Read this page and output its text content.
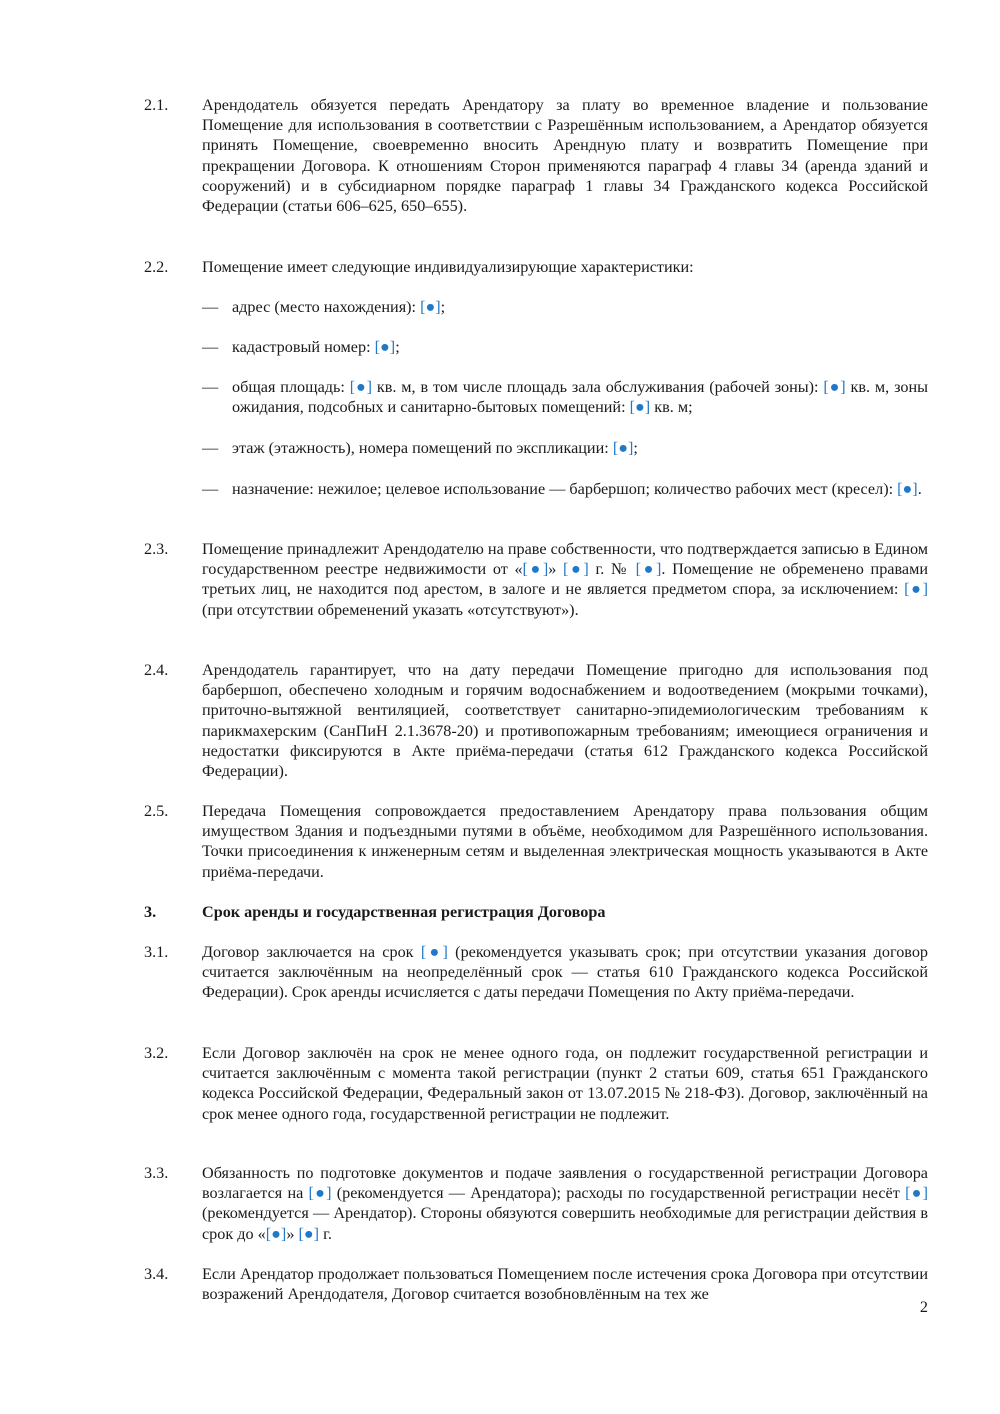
2.1.	Арендодатель обязуется передать Арендатору за плату во временное владение и пользование Помещение для использования в соответствии с Разрешённым использованием, а Арендатор обязуется принять Помещение, своевременно вносить Арендную плату и возвратить Помещение при прекращении Договора. К отношениям Сторон применяются параграф 4 главы 34 (аренда зданий и сооружений) и в субсидиарном порядке параграф 1 главы 34 Гражданского кодекса Российской Федерации (статьи 606–625, 650–655).
2.2.	Помещение имеет следующие индивидуализирующие характеристики:
— адрес (место нахождения): [●];
— кадастровый номер: [●];
— общая площадь: [●] кв. м, в том числе площадь зала обслуживания (рабочей зоны): [●] кв. м, зоны ожидания, подсобных и санитарно-бытовых помещений: [●] кв. м;
— этаж (этажность), номера помещений по экспликации: [●];
— назначение: нежилое; целевое использование — барбершоп; количество рабочих мест (кресел): [●].
2.3.	Помещение принадлежит Арендодателю на праве собственности, что подтверждается записью в Едином государственном реестре недвижимости от «[●]» [●] г. № [●]. Помещение не обременено правами третьих лиц, не находится под арестом, в залоге и не является предметом спора, за исключением: [●] (при отсутствии обременений указать «отсутствуют»).
2.4.	Арендодатель гарантирует, что на дату передачи Помещение пригодно для использования под барбершоп, обеспечено холодным и горячим водоснабжением и водоотведением (мокрыми точками), приточно-вытяжной вентиляцией, соответствует санитарно-эпидемиологическим требованиям к парикмахерским (СанПиН 2.1.3678-20) и противопожарным требованиям; имеющиеся ограничения и недостатки фиксируются в Акте приёма-передачи (статья 612 Гражданского кодекса Российской Федерации).
2.5.	Передача Помещения сопровождается предоставлением Арендатору права пользования общим имуществом Здания и подъездными путями в объёме, необходимом для Разрешённого использования. Точки присоединения к инженерным сетям и выделенная электрическая мощность указываются в Акте приёма-передачи.
3.	Срок аренды и государственная регистрация Договора
3.1.	Договор заключается на срок [●] (рекомендуется указывать срок; при отсутствии указания договор считается заключённым на неопределённый срок — статья 610 Гражданского кодекса Российской Федерации). Срок аренды исчисляется с даты передачи Помещения по Акту приёма-передачи.
3.2.	Если Договор заключён на срок не менее одного года, он подлежит государственной регистрации и считается заключённым с момента такой регистрации (пункт 2 статьи 609, статья 651 Гражданского кодекса Российской Федерации, Федеральный закон от 13.07.2015 № 218-ФЗ). Договор, заключённый на срок менее одного года, государственной регистрации не подлежит.
3.3.	Обязанность по подготовке документов и подаче заявления о государственной регистрации Договора возлагается на [●] (рекомендуется — Арендатора); расходы по государственной регистрации несёт [●] (рекомендуется — Арендатор). Стороны обязуются совершить необходимые для регистрации действия в срок до «[●]» [●] г.
3.4.	Если Арендатор продолжает пользоваться Помещением после истечения срока Договора при отсутствии возражений Арендодателя, Договор считается возобновлённым на тех же
2
